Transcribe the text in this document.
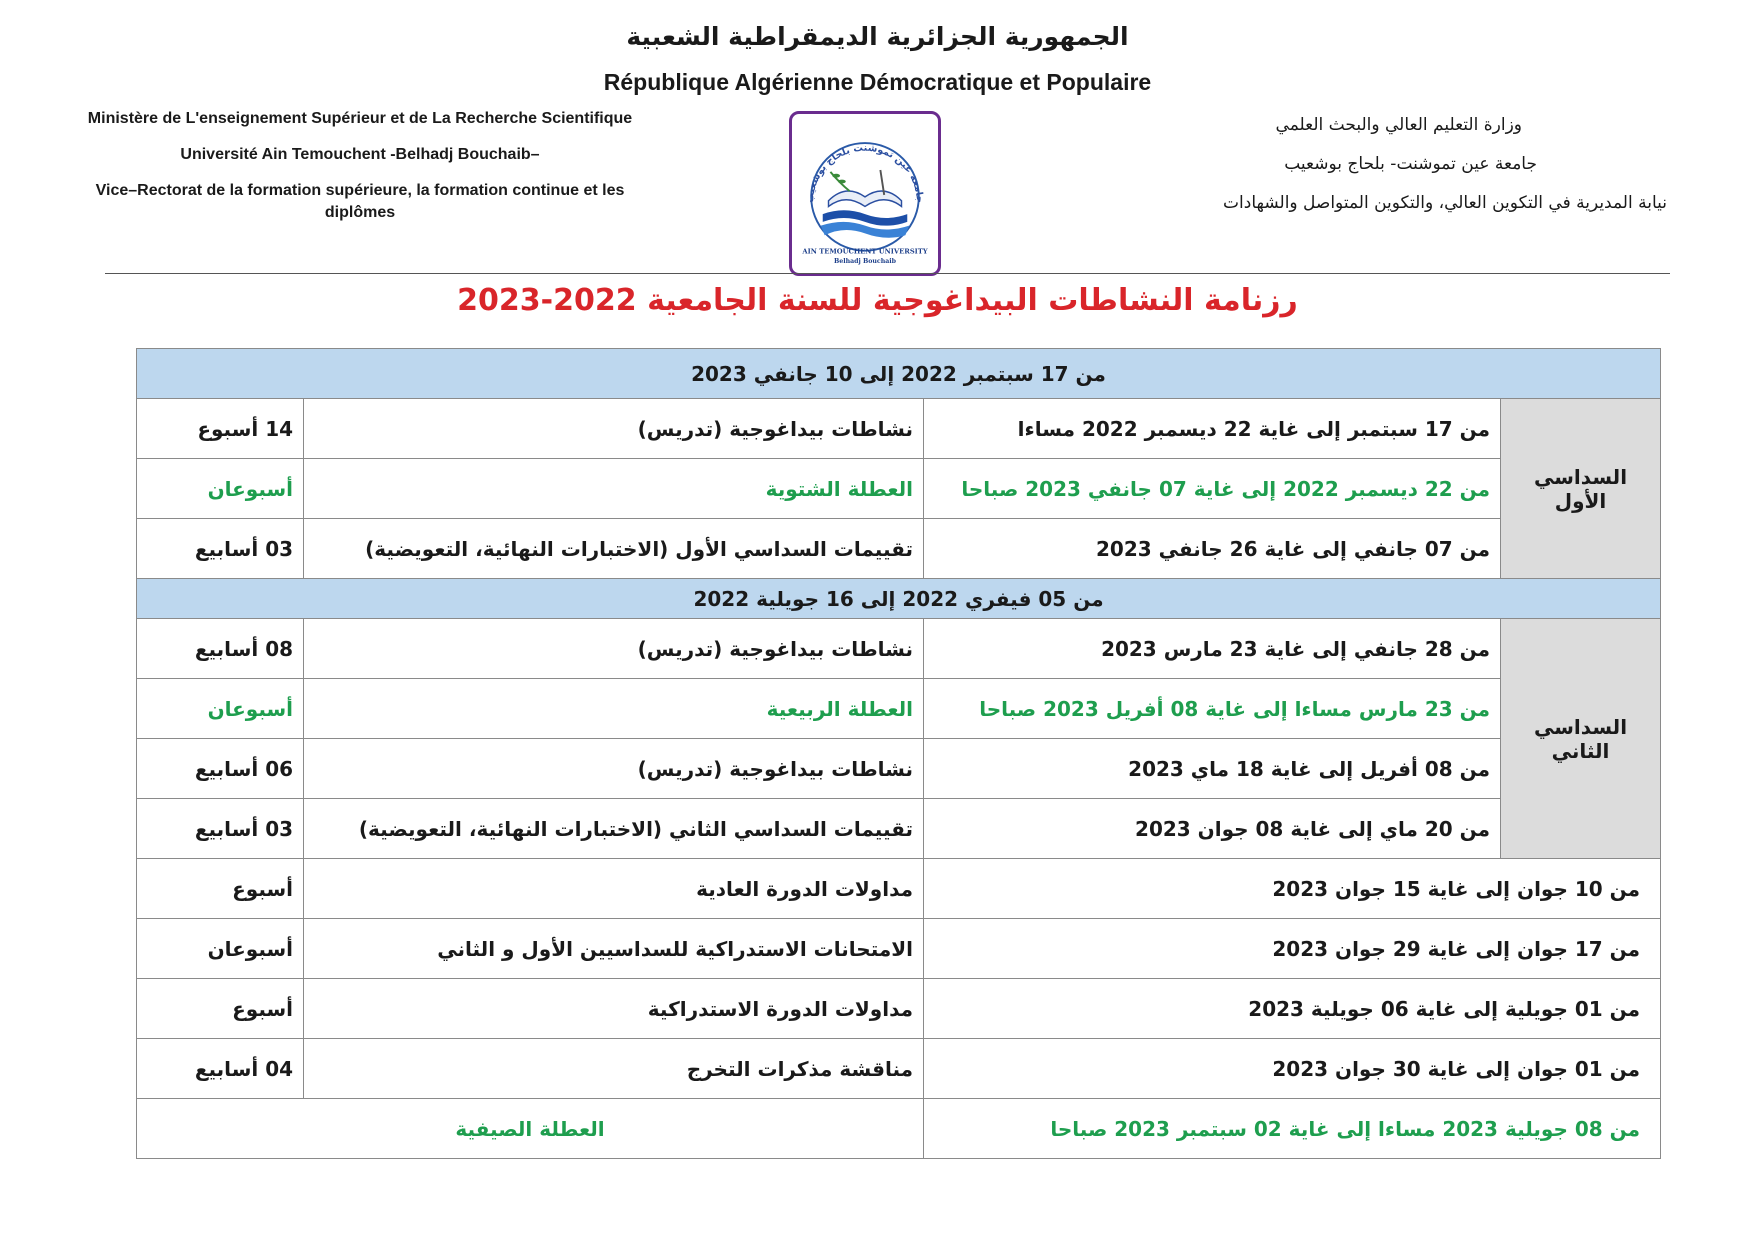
الجمهورية الجزائرية الديمقراطية الشعبية
République Algérienne Démocratique et Populaire
Ministère de L'enseignement Supérieur et de La Recherche Scientifique
Université Ain Temouchent -Belhadj Bouchaib–
Vice–Rectorat de la formation supérieure, la formation continue et les diplômes
وزارة التعليم العالي والبحث العلمي
جامعة عين تموشنت- بلحاج بوشعيب
نيابة المديرية في التكوين العالي، والتكوين المتواصل والشهادات
جامعة عين تموشنت بلحاج بوشعيب
AIN TEMOUCHENT UNIVERSITY
Belhadj Bouchaib
رزنامة النشاطات البيداغوجية للسنة الجامعية 2022-2023
من 17 سبتمبر 2022 إلى 10 جانفي 2023			
السداسي الأول	من 17 سبتمبر إلى غاية 22 ديسمبر 2022 مساءا	نشاطات بيداغوجية (تدريس)	14 أسبوع
	من 22 ديسمبر 2022 إلى غاية 07 جانفي 2023 صباحا	العطلة الشتوية	أسبوعان
	من 07 جانفي إلى غاية 26 جانفي 2023	تقييمات السداسي الأول (الاختبارات النهائية، التعويضية)	03 أسابيع
من 05 فيفري 2022 إلى 16 جويلية 2022			
السداسي الثاني	من 28 جانفي إلى غاية 23 مارس 2023	نشاطات بيداغوجية (تدريس)	08 أسابيع
	من 23 مارس مساءا إلى غاية 08 أفريل 2023 صباحا	العطلة الربيعية	أسبوعان
	من 08 أفريل إلى غاية 18 ماي 2023	نشاطات بيداغوجية (تدريس)	06 أسابيع
	من 20 ماي إلى غاية 08 جوان 2023	تقييمات السداسي الثاني (الاختبارات النهائية، التعويضية)	03 أسابيع
من 10 جوان إلى غاية 15 جوان 2023		مداولات الدورة العادية	أسبوع
من 17 جوان إلى غاية 29 جوان 2023		الامتحانات الاستدراكية للسداسيين الأول و الثاني	أسبوعان
من 01 جويلية إلى غاية 06 جويلية 2023		مداولات الدورة الاستدراكية	أسبوع
من 01 جوان إلى غاية 30 جوان 2023		مناقشة مذكرات التخرج	04 أسابيع
من 08 جويلية 2023 مساءا إلى غاية 02 سبتمبر 2023 صباحا		العطلة الصيفية	
